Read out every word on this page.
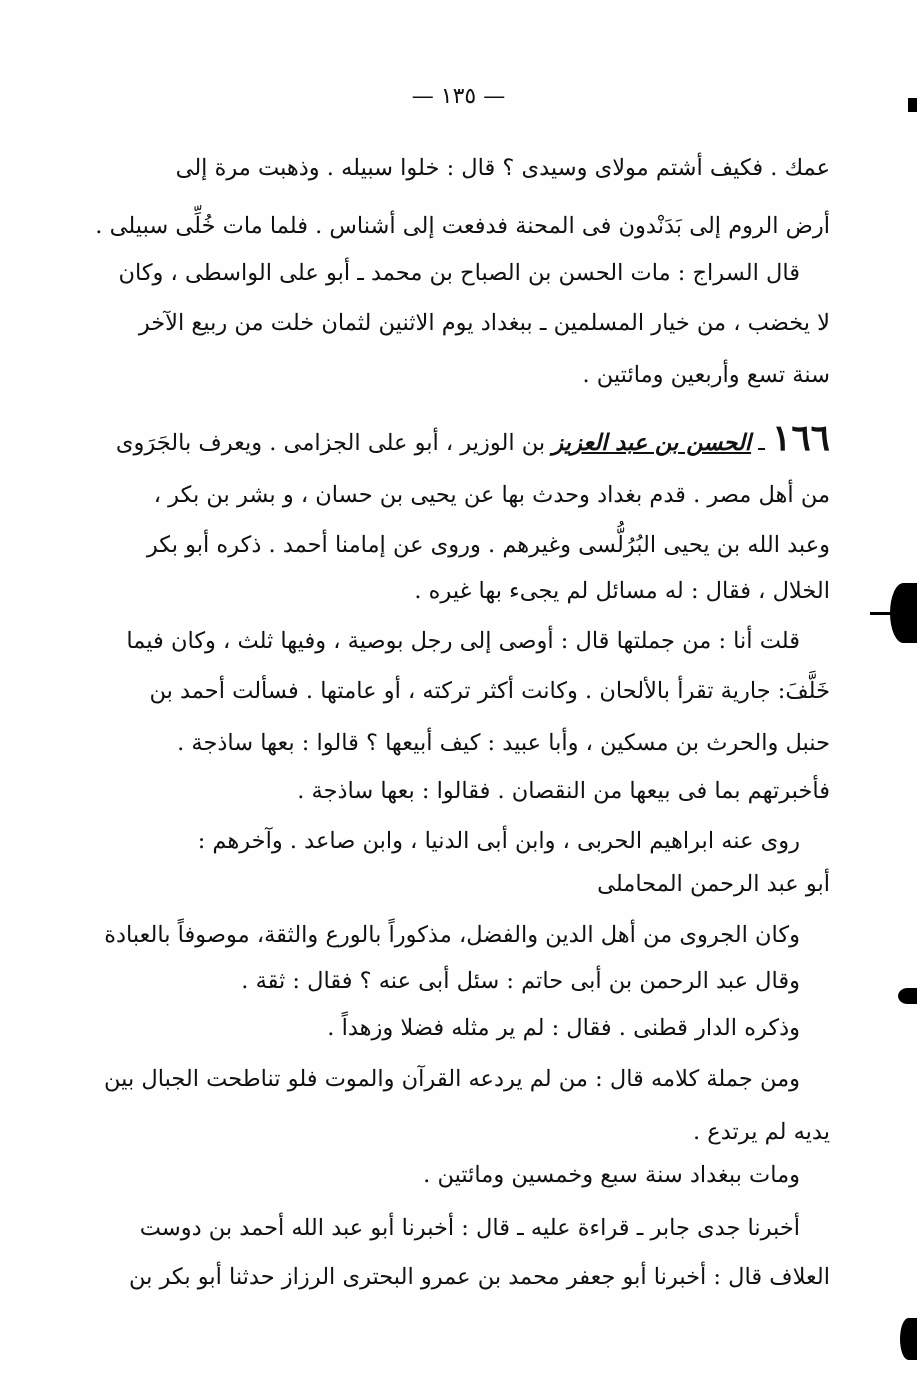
— ١٣٥ —
عمك . فكيف أشتم مولاى وسيدى ؟ قال : خلوا سبيله . وذهبت مرة إلى
أرض الروم إلى بَدَنْدون فى المحنة فدفعت إلى أشناس . فلما مات خُلِّى سبيلى .
قال السراج : مات الحسن بن الصباح بن محمد ـ أبو على الواسطى ، وكان
لا يخضب ، من خيار المسلمين ـ ببغداد يوم الاثنين لثمان خلت من ربيع الآخر
سنة تسع وأربعين ومائتين .
١٦٦ ـ الحسن بن عبد العزيز بن الوزير ، أبو على الجزامى . ويعرف بالجَرَوى
من أهل مصر . قدم بغداد وحدث بها عن يحيى بن حسان ، و بشر بن بكر ،
وعبد الله بن يحيى البُرُلُّسى وغيرهم . وروى عن إمامنا أحمد . ذكره أبو بكر
الخلال ، فقال : له مسائل لم يجىء بها غيره .
قلت أنا : من جملتها قال : أوصى إلى رجل بوصية ، وفيها ثلث ، وكان فيما
خَلَّفَ: جارية تقرأ بالألحان . وكانت أكثر تركته ، أو عامتها . فسألت أحمد بن
حنبل والحرث بن مسكين ، وأبا عبيد : كيف أبيعها ؟ قالوا : بعها ساذجة .
فأخبرتهم بما فى بيعها من النقصان . فقالوا : بعها ساذجة .
روى عنه ابراهيم الحربى ، وابن أبى الدنيا ، وابن صاعد . وآخرهم :
أبو عبد الرحمن المحاملى
وكان الجروى من أهل الدين والفضل، مذكوراً بالورع والثقة، موصوفاً بالعبادة
وقال عبد الرحمن بن أبى حاتم : سئل أبى عنه ؟ فقال : ثقة .
وذكره الدار قطنى . فقال : لم ير مثله فضلا وزهداً .
ومن جملة كلامه قال : من لم يردعه القرآن والموت فلو تناطحت الجبال بين
يديه لم يرتدع .
ومات ببغداد سنة سبع وخمسين ومائتين .
أخبرنا جدى جابر ـ قراءة عليه ـ قال : أخبرنا أبو عبد الله أحمد بن دوست
العلاف قال : أخبرنا أبو جعفر محمد بن عمرو البحترى الرزاز حدثنا أبو بكر بن
